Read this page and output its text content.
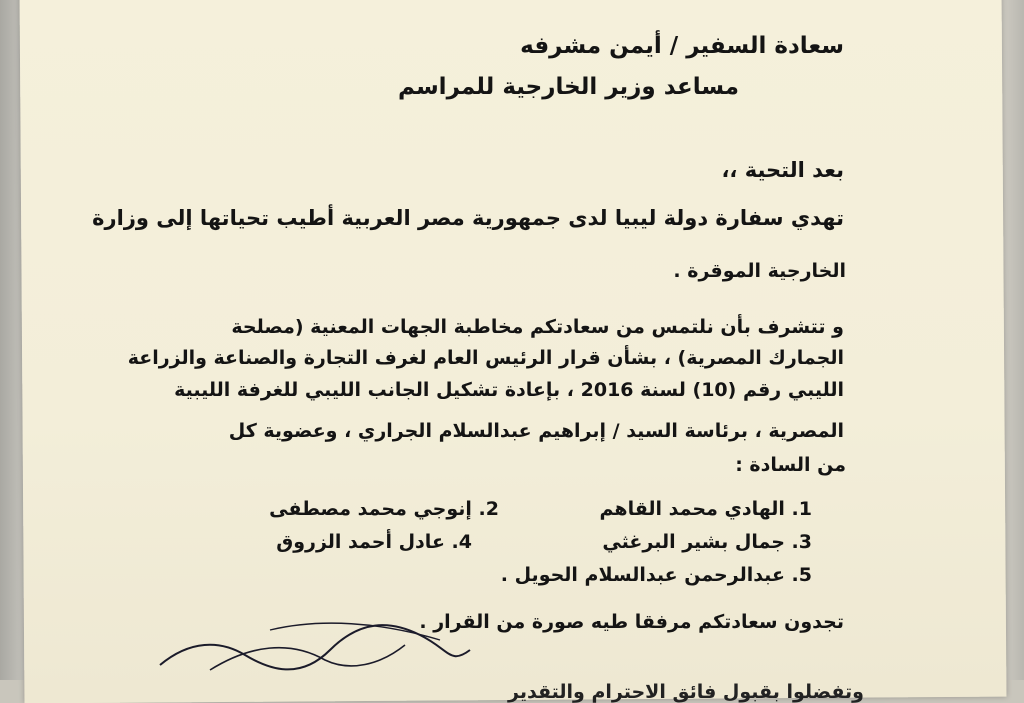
سعادة السفير / أيمن مشرفه

مساعد وزير الخارجية للمراسم

بعد التحية ،،

تهدي سفارة دولة ليبيا لدى جمهورية مصر العربية أطيب تحياتها إلى وزارة

الخارجية الموقرة .

و تتشرف بأن نلتمس من سعادتكم مخاطبة الجهات المعنية (مصلحة

الجمارك المصرية) ، بشأن قرار الرئيس العام لغرف التجارة والصناعة والزراعة

الليبي رقم (10) لسنة 2016 ، بإعادة تشكيل الجانب الليبي للغرفة الليبية

المصرية ، برئاسة السيد / إبراهيم عبدالسلام الجراري ، وعضوية كل

من السادة :

1. الهادي محمد القاهم

2. إنوجي محمد مصطفى

3. جمال بشير البرغثي

4. عادل أحمد الزروق

5. عبدالرحمن عبدالسلام الحويل .

تجدون سعادتكم مرفقا طيه صورة من القرار .

وتفضلوا بقبول فائق الاحترام والتقدير
